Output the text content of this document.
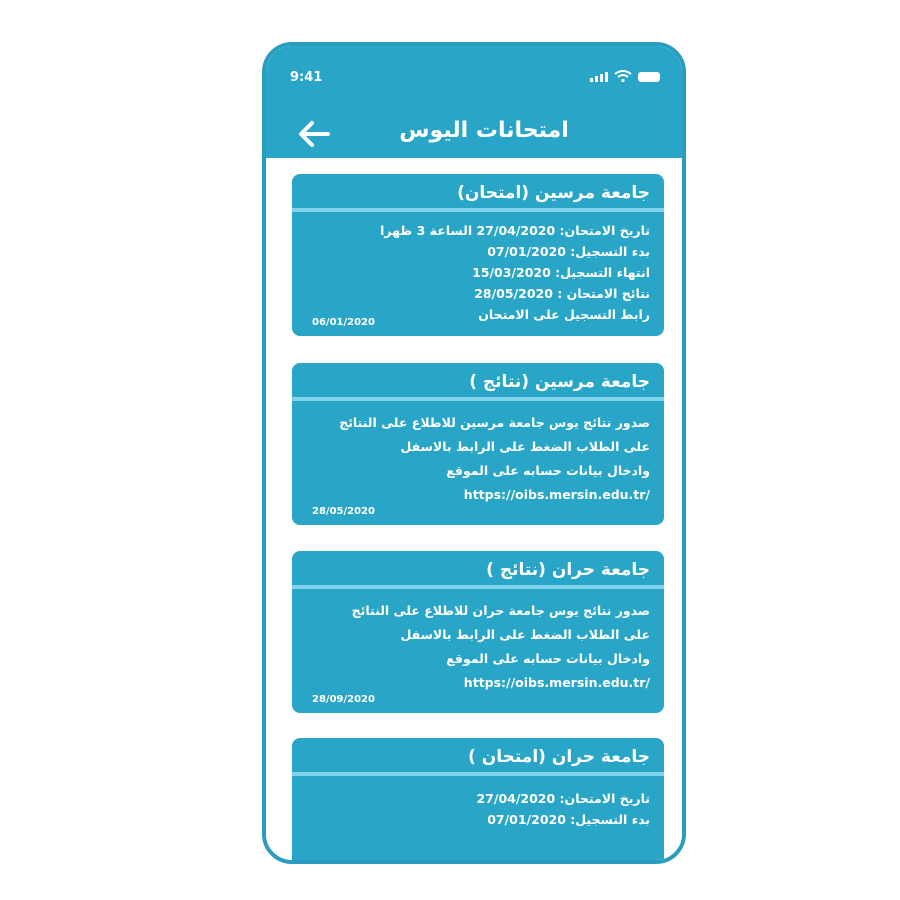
9:41
امتحانات اليوس
جامعة مرسين (امتحان)
تاريخ الامتحان: 27/04/2020 الساعة 3 ظهرا
بدء التسجيل: 07/01/2020
انتهاء التسجيل: 15/03/2020
نتائج الامتحان : 28/05/2020
رابط التسجيل على الامتحان
06/01/2020
جامعة مرسين (نتائج )
صدور نتائج يوس جامعة مرسين للاطلاع على النتائج
على الطلاب الضغط على الرابط بالاسفل
وادخال بيانات حسابه على الموقع
https://oibs.mersin.edu.tr/
28/05/2020
جامعة حران (نتائج )
صدور نتائج يوس جامعة حران للاطلاع على النتائج
على الطلاب الضغط على الرابط بالاسفل
وادخال بيانات حسابه على الموقع
https://oibs.mersin.edu.tr/
28/09/2020
جامعة حران (امتحان )
تاريخ الامتحان: 27/04/2020
بدء التسجيل: 07/01/2020
